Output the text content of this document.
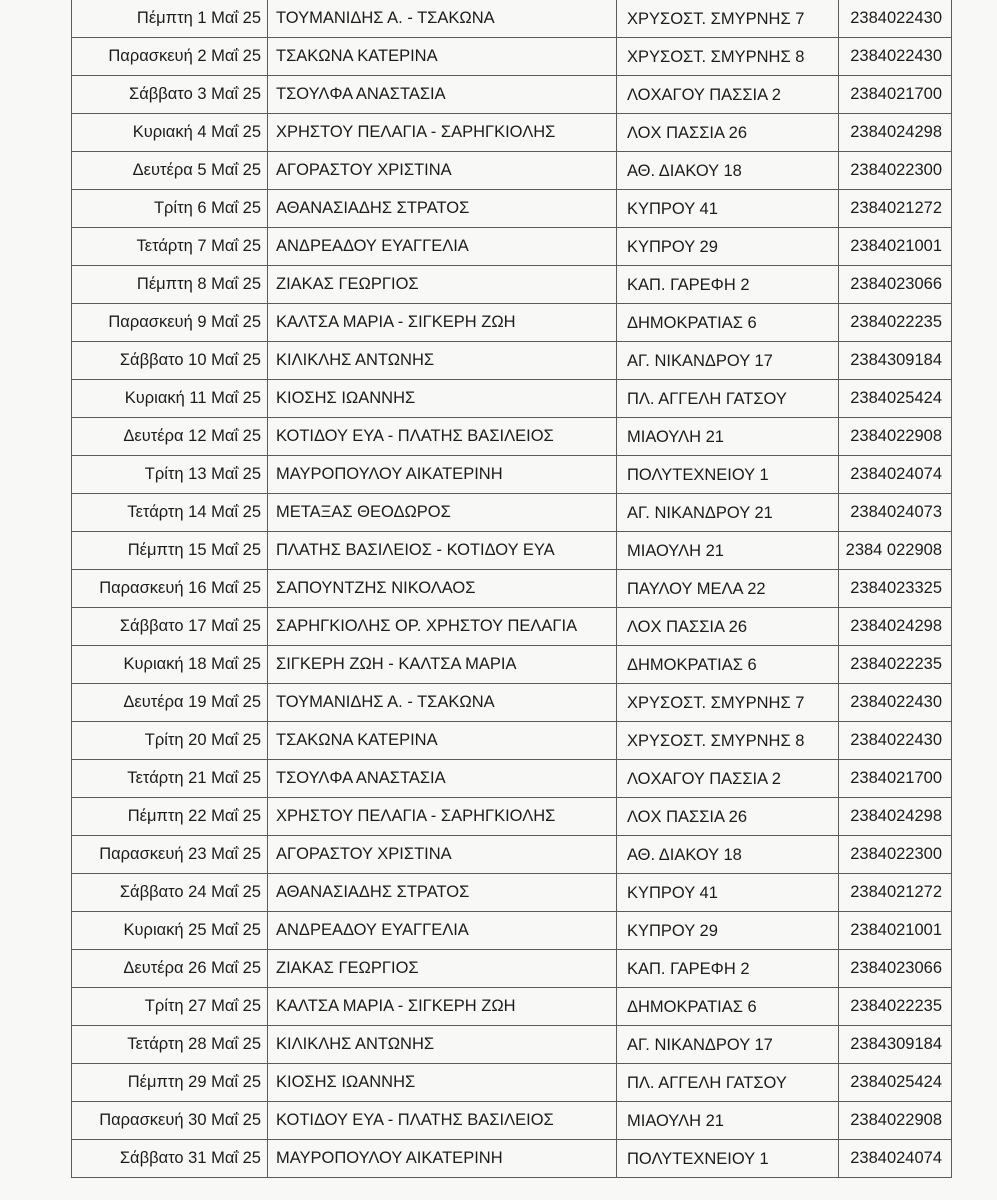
Πέμπτη 1 Μαΐ 25	ΤΟΥΜΑΝΙΔΗΣ Α. - ΤΣΑΚΩΝΑ	ΧΡΥΣΟΣΤ. ΣΜΥΡΝΗΣ 7	2384022430
Παρασκευή 2 Μαΐ 25	ΤΣΑΚΩΝΑ ΚΑΤΕΡΙΝΑ	ΧΡΥΣΟΣΤ. ΣΜΥΡΝΗΣ 8	2384022430
Σάββατο 3 Μαΐ 25	ΤΣΟΥΛΦΑ ΑΝΑΣΤΑΣΙΑ	ΛΟΧΑΓΟΥ ΠΑΣΣΙΑ 2	2384021700
Κυριακή 4 Μαΐ 25	ΧΡΗΣΤΟΥ ΠΕΛΑΓΙΑ - ΣΑΡΗΓΚΙΟΛΗΣ	ΛΟΧ ΠΑΣΣΙΑ 26	2384024298
Δευτέρα 5 Μαΐ 25	ΑΓΟΡΑΣΤΟΥ ΧΡΙΣΤΙΝΑ	ΑΘ. ΔΙΑΚΟΥ 18	2384022300
Τρίτη 6 Μαΐ 25	ΑΘΑΝΑΣΙΑΔΗΣ ΣΤΡΑΤΟΣ	ΚΥΠΡΟΥ 41	2384021272
Τετάρτη 7 Μαΐ 25	ΑΝΔΡΕΑΔΟΥ ΕΥΑΓΓΕΛΙΑ	ΚΥΠΡΟΥ 29	2384021001
Πέμπτη 8 Μαΐ 25	ΖΙΑΚΑΣ ΓΕΩΡΓΙΟΣ	ΚΑΠ. ΓΑΡΕΦΗ 2	2384023066
Παρασκευή 9 Μαΐ 25	ΚΑΛΤΣΑ ΜΑΡΙΑ - ΣΙΓΚΕΡΗ ΖΩΗ	ΔΗΜΟΚΡΑΤΙΑΣ 6	2384022235
Σάββατο 10 Μαΐ 25	ΚΙΛΙΚΛΗΣ ΑΝΤΩΝΗΣ	ΑΓ. ΝΙΚΑΝΔΡΟΥ 17	2384309184
Κυριακή 11 Μαΐ 25	ΚΙΟΣΗΣ ΙΩΑΝΝΗΣ	ΠΛ. ΑΓΓΕΛΗ ΓΑΤΣΟΥ	2384025424
Δευτέρα 12 Μαΐ 25	ΚΟΤΙΔΟΥ ΕΥΑ - ΠΛΑΤΗΣ ΒΑΣΙΛΕΙΟΣ	ΜΙΑΟΥΛΗ 21	2384022908
Τρίτη 13 Μαΐ 25	ΜΑΥΡΟΠΟΥΛΟΥ ΑΙΚΑΤΕΡΙΝΗ	ΠΟΛΥΤΕΧΝΕΙΟΥ 1	2384024074
Τετάρτη 14 Μαΐ 25	ΜΕΤΑΞΑΣ ΘΕΟΔΩΡΟΣ	ΑΓ. ΝΙΚΑΝΔΡΟΥ 21	2384024073
Πέμπτη 15 Μαΐ 25	ΠΛΑΤΗΣ ΒΑΣΙΛΕΙΟΣ - ΚΟΤΙΔΟΥ ΕΥΑ	ΜΙΑΟΥΛΗ 21	2384 022908
Παρασκευή 16 Μαΐ 25	ΣΑΠΟΥΝΤΖΗΣ ΝΙΚΟΛΑΟΣ	ΠΑΥΛΟΥ ΜΕΛΑ 22	2384023325
Σάββατο 17 Μαΐ 25	ΣΑΡΗΓΚΙΟΛΗΣ ΟΡ. ΧΡΗΣΤΟΥ ΠΕΛΑΓΙΑ	ΛΟΧ ΠΑΣΣΙΑ 26	2384024298
Κυριακή 18 Μαΐ 25	ΣΙΓΚΕΡΗ ΖΩΗ - ΚΑΛΤΣΑ ΜΑΡΙΑ	ΔΗΜΟΚΡΑΤΙΑΣ 6	2384022235
Δευτέρα 19 Μαΐ 25	ΤΟΥΜΑΝΙΔΗΣ Α. - ΤΣΑΚΩΝΑ	ΧΡΥΣΟΣΤ. ΣΜΥΡΝΗΣ 7	2384022430
Τρίτη 20 Μαΐ 25	ΤΣΑΚΩΝΑ ΚΑΤΕΡΙΝΑ	ΧΡΥΣΟΣΤ. ΣΜΥΡΝΗΣ 8	2384022430
Τετάρτη 21 Μαΐ 25	ΤΣΟΥΛΦΑ ΑΝΑΣΤΑΣΙΑ	ΛΟΧΑΓΟΥ ΠΑΣΣΙΑ 2	2384021700
Πέμπτη 22 Μαΐ 25	ΧΡΗΣΤΟΥ ΠΕΛΑΓΙΑ - ΣΑΡΗΓΚΙΟΛΗΣ	ΛΟΧ ΠΑΣΣΙΑ 26	2384024298
Παρασκευή 23 Μαΐ 25	ΑΓΟΡΑΣΤΟΥ ΧΡΙΣΤΙΝΑ	ΑΘ. ΔΙΑΚΟΥ 18	2384022300
Σάββατο 24 Μαΐ 25	ΑΘΑΝΑΣΙΑΔΗΣ ΣΤΡΑΤΟΣ	ΚΥΠΡΟΥ 41	2384021272
Κυριακή 25 Μαΐ 25	ΑΝΔΡΕΑΔΟΥ ΕΥΑΓΓΕΛΙΑ	ΚΥΠΡΟΥ 29	2384021001
Δευτέρα 26 Μαΐ 25	ΖΙΑΚΑΣ ΓΕΩΡΓΙΟΣ	ΚΑΠ. ΓΑΡΕΦΗ 2	2384023066
Τρίτη 27 Μαΐ 25	ΚΑΛΤΣΑ ΜΑΡΙΑ - ΣΙΓΚΕΡΗ ΖΩΗ	ΔΗΜΟΚΡΑΤΙΑΣ 6	2384022235
Τετάρτη 28 Μαΐ 25	ΚΙΛΙΚΛΗΣ ΑΝΤΩΝΗΣ	ΑΓ. ΝΙΚΑΝΔΡΟΥ 17	2384309184
Πέμπτη 29 Μαΐ 25	ΚΙΟΣΗΣ ΙΩΑΝΝΗΣ	ΠΛ. ΑΓΓΕΛΗ ΓΑΤΣΟΥ	2384025424
Παρασκευή 30 Μαΐ 25	ΚΟΤΙΔΟΥ ΕΥΑ - ΠΛΑΤΗΣ ΒΑΣΙΛΕΙΟΣ	ΜΙΑΟΥΛΗ 21	2384022908
Σάββατο 31 Μαΐ 25	ΜΑΥΡΟΠΟΥΛΟΥ ΑΙΚΑΤΕΡΙΝΗ	ΠΟΛΥΤΕΧΝΕΙΟΥ 1	2384024074
